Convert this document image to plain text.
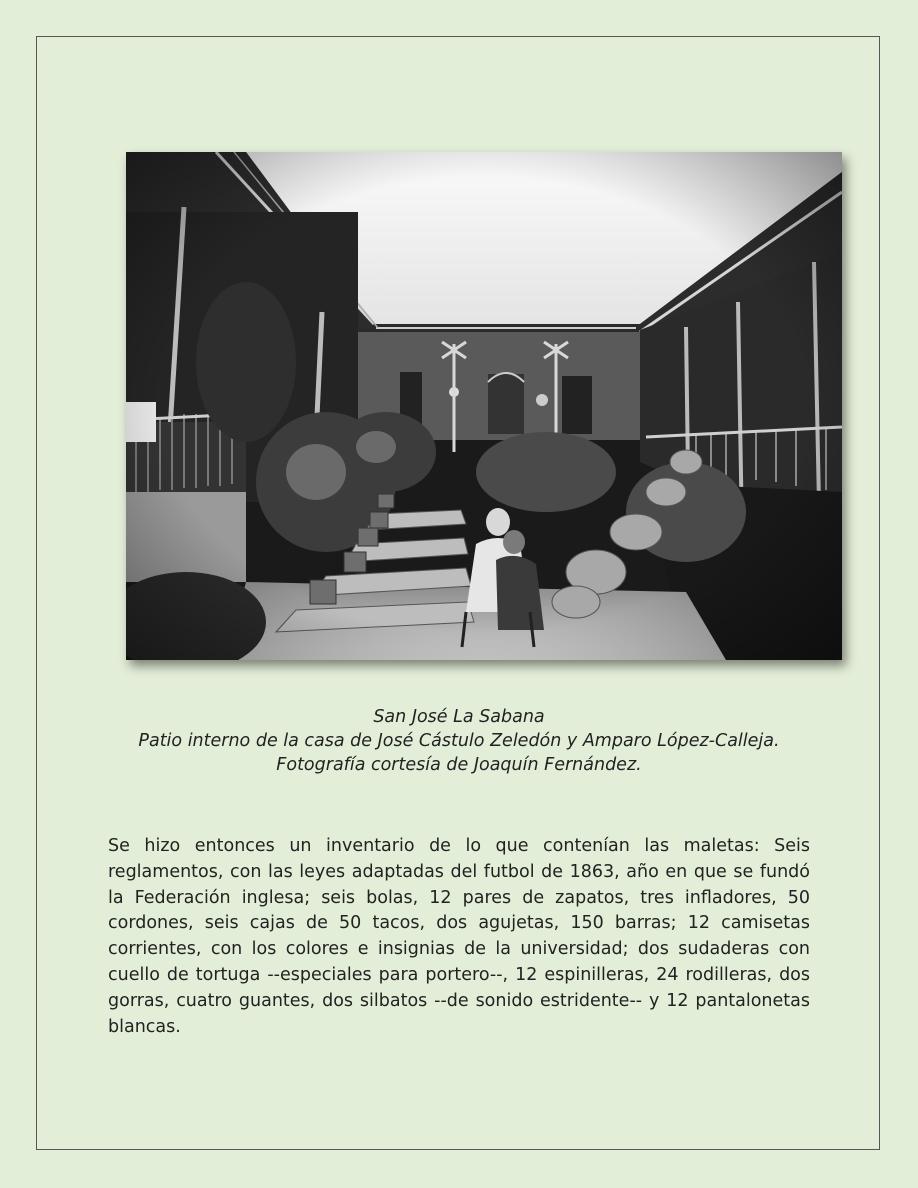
San José La Sabana

Patio interno de la casa de José Cástulo Zeledón y Amparo López-Calleja. Fotografía cortesía de Joaquín Fernández.

Se hizo entonces un inventario de lo que contenían las maletas: Seis reglamentos, con las leyes adaptadas del futbol de 1863, año en que se fundó la Federación inglesa; seis bolas, 12 pares de zapatos, tres infladores, 50 cordones, seis cajas de 50 tacos, dos agujetas, 150 barras; 12 camisetas corrientes, con los colores e insignias de la universidad; dos sudaderas con cuello de tortuga --especiales para portero--, 12 espinilleras, 24 rodilleras, dos gorras, cuatro guantes, dos silbatos --de sonido estridente-- y 12 pantalonetas blancas.
